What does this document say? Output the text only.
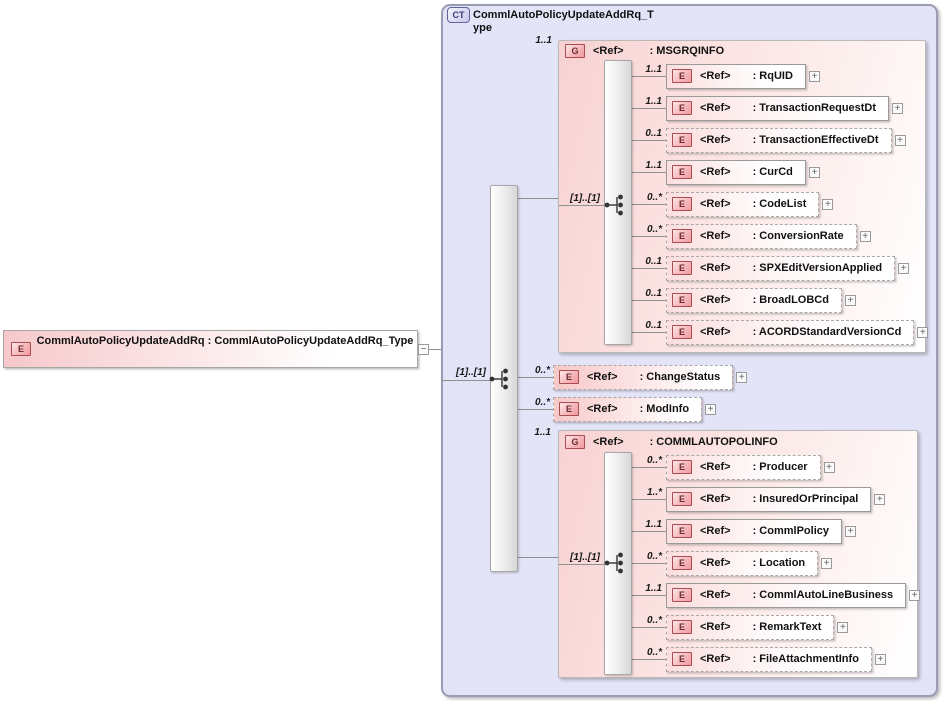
E
CommlAutoPolicyUpdateAddRq : CommlAutoPolicyUpdateAddRq_Type
−
CT CommlAutoPolicyUpdateAddRq_Type
[1]..[1]
1..1
G	<Ref> : MSGRQINFO
[1]..[1]
1..1
1..1
0..1
1..1
0..*
0..*
0..1
0..1
0..1
E	<Ref> : RqUID +
E	<Ref> : TransactionRequestDt +
E	<Ref> : TransactionEffectiveDt +
E	<Ref> : CurCd +
E	<Ref> : CodeList +
E	<Ref> : ConversionRate +
E	<Ref> : SPXEditVersionApplied +
E	<Ref> : BroadLOBCd +
E	<Ref> : ACORDStandardVersionCd +
0..*
E	<Ref> : ChangeStatus +
0..*
E	<Ref> : ModInfo +
1..1
G	<Ref> : COMMLAUTOPOLINFO
[1]..[1]
0..*
1..*
1..1
0..*
1..1
0..*
0..*
E	<Ref> : Producer +
E	<Ref> : InsuredOrPrincipal +
E	<Ref> : CommlPolicy +
E	<Ref> : Location +
E	<Ref> : CommlAutoLineBusiness +
E	<Ref> : RemarkText +
E	<Ref> : FileAttachmentInfo +
